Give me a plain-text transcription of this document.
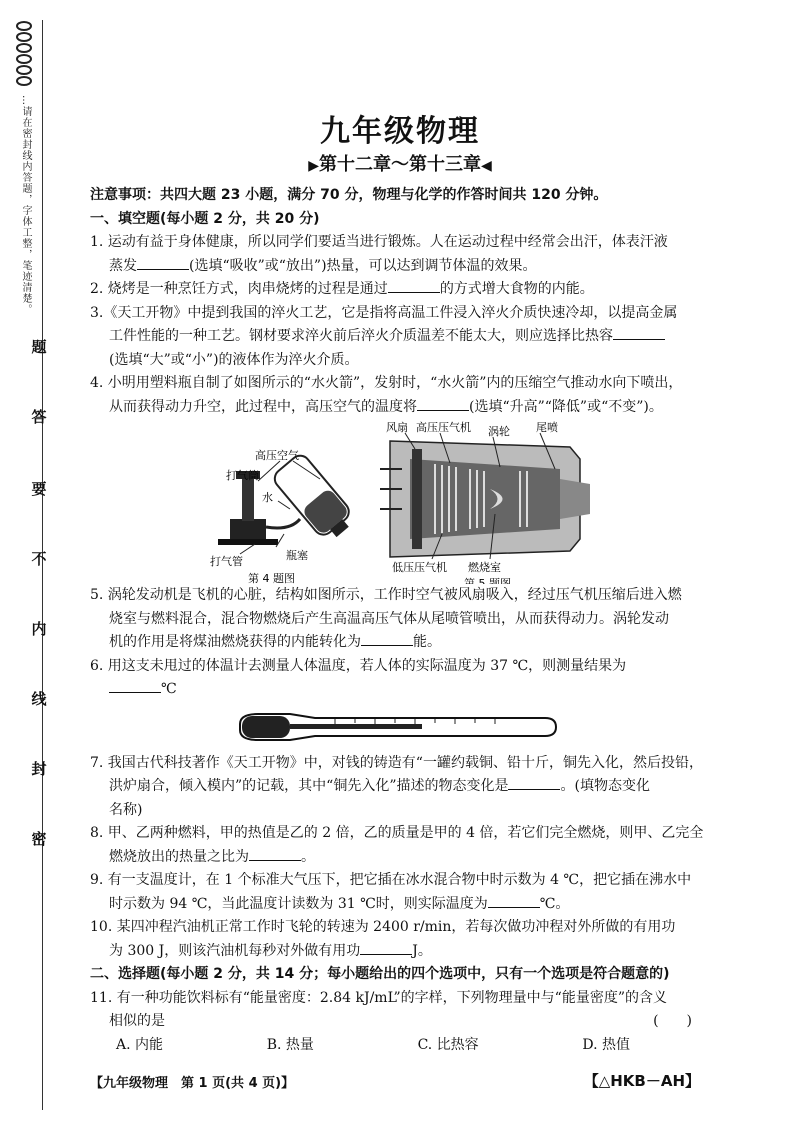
…请在密封线内答题，字体工整，笔迹清楚。
题
答
要
不
内
线
封
密
九年级物理
▶第十二章～第十三章◀
注意事项：共四大题 23 小题，满分 70 分，物理与化学的作答时间共 120 分钟。
一、填空题(每小题 2 分，共 20 分)
1. 运动有益于身体健康，所以同学们要适当进行锻炼。人在运动过程中经常会出汗，体表汗液
蒸发	(选填“吸收”或“放出”)热量，可以达到调节体温的效果。
2. 烧烤是一种烹饪方式，肉串烧烤的过程是通过	的方式增大食物的内能。
3.《天工开物》中提到我国的淬火工艺，它是指将高温工件浸入淬火介质快速冷却，以提高金属
工件性能的一种工艺。钢材要求淬火前后淬火介质温差不能太大，则应选择比热容
(选填“大”或“小”)的液体作为淬火介质。
4. 小明用塑料瓶自制了如图所示的“水火箭”，发射时，“水火箭”内的压缩空气推动水向下喷出，
从而获得动力升空，此过程中，高压空气的温度将	(选填“升高”“降低”或“不变”)。
高压空气
打气筒
水
瓶塞
打气管
第 4 题图
风扇 高压压气机 涡轮 尾喷
低压压气机 燃烧室
第 5 题图
5. 涡轮发动机是飞机的心脏，结构如图所示，工作时空气被风扇吸入，经过压气机压缩后进入燃
烧室与燃料混合，混合物燃烧后产生高温高压气体从尾喷管喷出，从而获得动力。涡轮发动
机的作用是将煤油燃烧获得的内能转化为	能。
6. 用这支未甩过的体温计去测量人体温度，若人体的实际温度为 37 ℃，则测量结果为
℃
7. 我国古代科技著作《天工开物》中，对钱的铸造有“一罐约载铜、铅十斤，铜先入化，然后投铅，
洪炉扇合，倾入模内”的记载，其中“铜先入化”描述的物态变化是	。(填物态变化
名称)
8. 甲、乙两种燃料，甲的热值是乙的 2 倍，乙的质量是甲的 4 倍，若它们完全燃烧，则甲、乙完全
燃烧放出的热量之比为	。
9. 有一支温度计，在 1 个标准大气压下，把它插在冰水混合物中时示数为 4 ℃，把它插在沸水中
时示数为 94 ℃，当此温度计读数为 31 ℃时，则实际温度为	℃。
10. 某四冲程汽油机正常工作时飞轮的转速为 2400 r/min，若每次做功冲程对外所做的有用功
为 300 J，则该汽油机每秒对外做有用功	J。
二、选择题(每小题 2 分，共 14 分；每小题给出的四个选项中，只有一个选项是符合题意的)
11. 有一种功能饮料标有“能量密度：2.84 kJ/mL”的字样，下列物理量中与“能量密度”的含义
相似的是	(　　)
A. 内能	B. 热量	C. 比热容	D. 热值
【九年级物理　第 1 页(共 4 页)】	【△HKB－AH】
